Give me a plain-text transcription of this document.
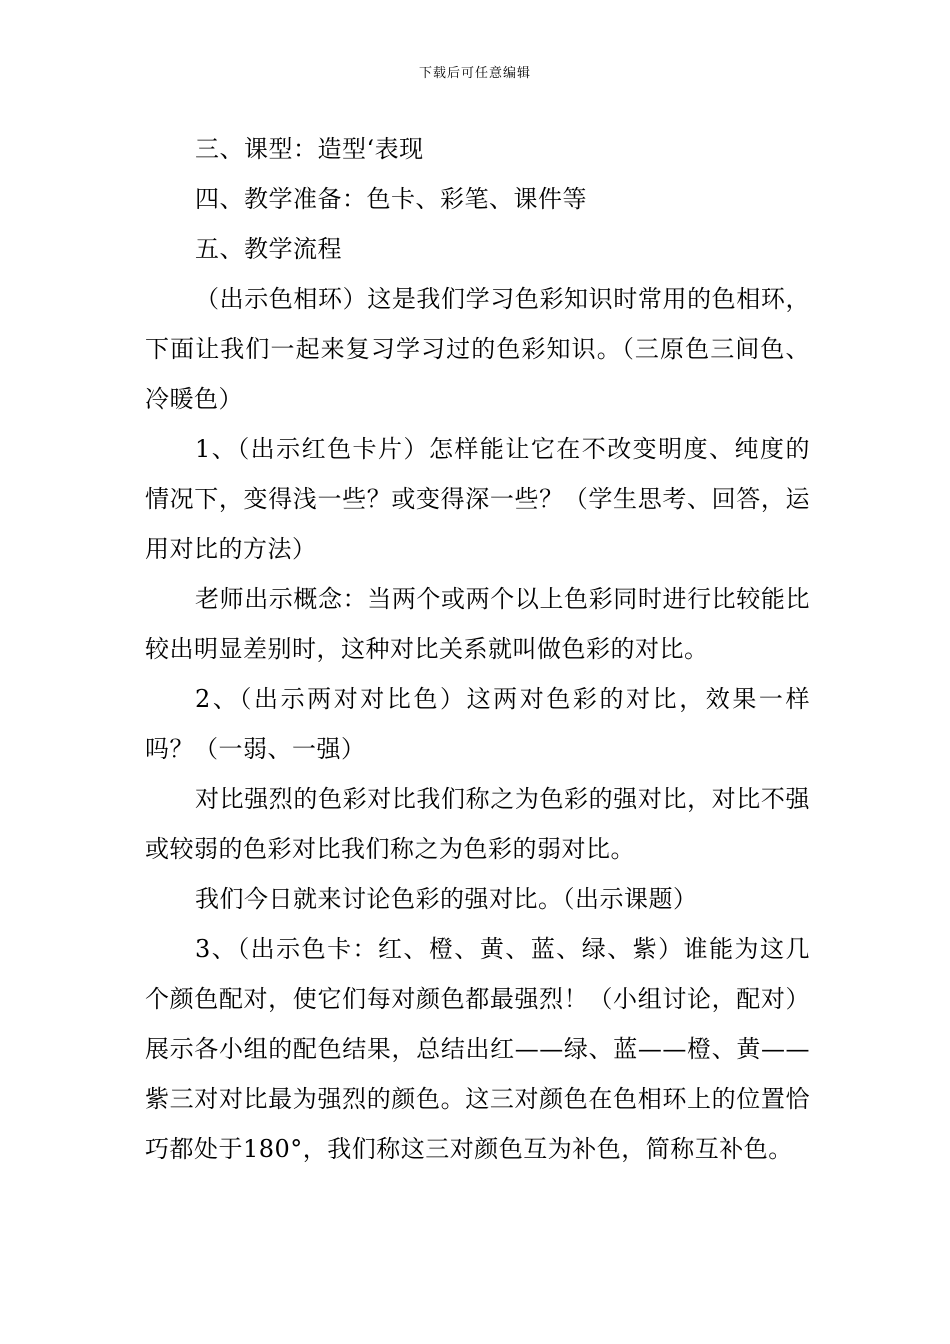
下载后可任意编辑

三、课型：造型‘表现

四、教学准备：色卡、彩笔、课件等

五、教学流程

（出示色相环）这是我们学习色彩知识时常用的色相环，下面让我们一起来复习学习过的色彩知识。（三原色三间色、冷暖色）

1、（出示红色卡片）怎样能让它在不改变明度、纯度的情况下，变得浅一些？或变得深一些？（学生思考、回答，运用对比的方法）

老师出示概念：当两个或两个以上色彩同时进行比较能比较出明显差别时，这种对比关系就叫做色彩的对比。

2、（出示两对对比色）这两对色彩的对比，效果一样吗？（一弱、一强）

对比强烈的色彩对比我们称之为色彩的强对比，对比不强或较弱的色彩对比我们称之为色彩的弱对比。

我们今日就来讨论色彩的强对比。（出示课题）

3、（出示色卡：红、橙、黄、蓝、绿、紫）谁能为这几个颜色配对，使它们每对颜色都最强烈！（小组讨论，配对）展示各小组的配色结果，总结出红——绿、蓝——橙、黄——紫三对对比最为强烈的颜色。这三对颜色在色相环上的位置恰巧都处于180°，我们称这三对颜色互为补色，简称互补色。
